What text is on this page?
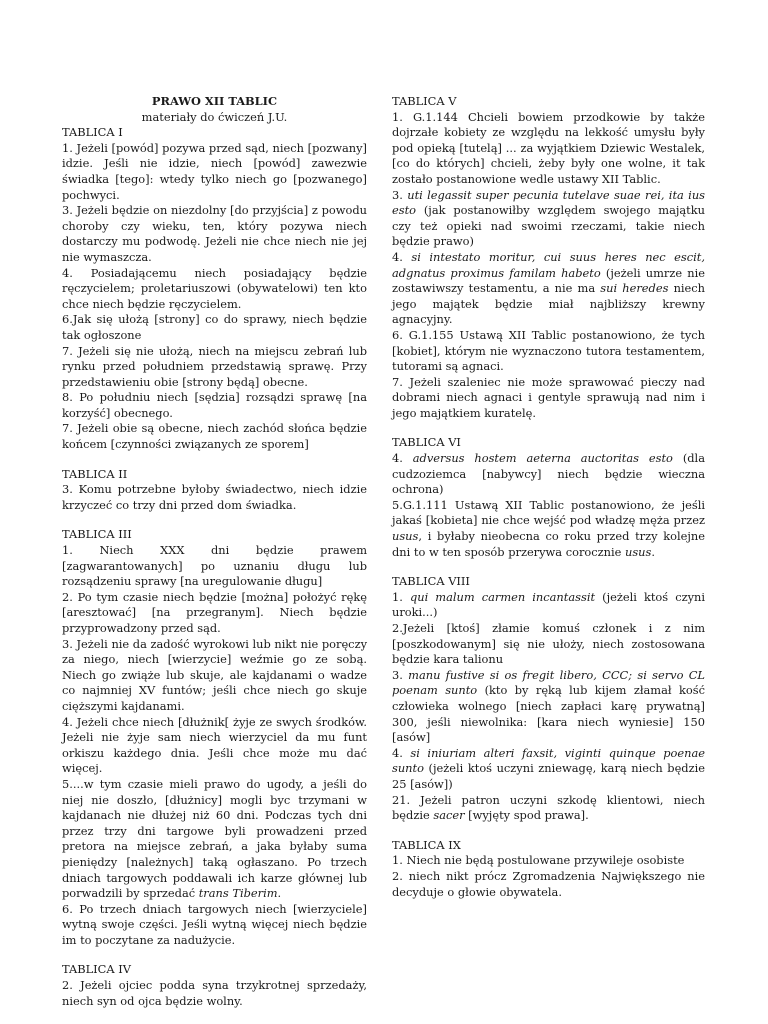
PRAWO XII TABLIC
materiały do ćwiczeń J.U.
TABLICA I

1. Jeżeli [powód] pozywa przed sąd, niech [pozwany] idzie. Jeśli nie idzie, niech [powód] zawezwie świadka [tego]: wtedy tylko niech go [pozwanego] pochwyci.

3. Jeżeli będzie on niezdolny [do przyjścia] z powodu choroby czy wieku, ten, który pozywa niech dostarczy mu podwodę. Jeżeli nie chce niech nie jej nie wymaszcza.

4. Posiadającemu niech posiadający będzie ręczycielem; proletariuszowi (obywatelowi) ten kto chce niech będzie ręczycielem.

6.Jak się ułożą [strony] co do sprawy, niech będzie tak ogłoszone

7. Jeżeli się nie ułożą, niech na miejscu zebrań lub rynku przed południem przedstawią sprawę. Przy przedstawieniu obie [strony będą] obecne.

8. Po południu niech [sędzia] rozsądzi sprawę [na korzyść] obecnego.

7. Jeżeli obie są obecne, niech zachód słońca będzie końcem [czynności związanych ze sporem]

TABLICA II

3. Komu potrzebne byłoby świadectwo, niech idzie krzyczeć co trzy dni przed dom świadka.

TABLICA III

1. Niech XXX dni będzie prawem [zagwarantowanych] po uznaniu długu lub rozsądzeniu sprawy [na uregulowanie długu]

2. Po tym czasie niech będzie [można] położyć rękę [aresztować] [na przegranym]. Niech będzie przyprowadzony przed sąd.

3. Jeżeli nie da zadość wyrokowi lub nikt nie poręczy za niego, niech [wierzycie] weźmie go ze sobą. Niech go zwiąże lub skuje, ale kajdanami o wadze co najmniej XV funtów; jeśli chce niech go skuje cięższymi kajdanami.

4. Jeżeli chce niech [dłużnik[ żyje ze swych środków. Jeżeli nie żyje sam niech wierzyciel da mu funt orkiszu każdego dnia. Jeśli chce może mu dać więcej.

5....w tym czasie mieli prawo do ugody, a jeśli do niej nie doszło, [dłużnicy] mogli byc trzymani w kajdanach nie dłużej niż 60 dni. Podczas tych dni przez trzy dni targowe byli prowadzeni przed pretora na miejsce zebrań, a jaka byłaby suma pieniędzy [należnych] taką ogłaszano. Po trzech dniach targowych poddawali ich karze głównej lub porwadzili by sprzedać trans Tiberim.

6. Po trzech dniach targowych niech [wierzyciele] wytną swoje części. Jeśli wytną więcej niech będzie im to poczytane za nadużycie.

TABLICA IV

2. Jeżeli ojciec podda syna trzykrotnej sprzedaży, niech syn od ojca będzie wolny.

TABLICA V

1. G.1.144 Chcieli bowiem przodkowie by także dojrzałe kobiety ze względu na lekkość umysłu były pod opieką [tutelą] ... za wyjątkiem Dziewic Westalek, [co do których] chcieli, żeby były one wolne, it tak zostało postanowione wedle ustawy XII Tablic.

3. uti legassit super pecunia tutelave suae rei, ita ius esto (jak postanowiłby względem swojego majątku czy też opieki nad swoimi rzeczami, takie niech będzie prawo)

4. si intestato moritur, cui suus heres nec escit, adgnatus proximus familam habeto (jeżeli umrze nie zostawiwszy testamentu, a nie ma sui heredes niech jego majątek będzie miał najbliższy krewny agnacyjny.

6. G.1.155 Ustawą XII Tablic postanowiono, że tych [kobiet], którym nie wyznaczono tutora testamentem, tutorami są agnaci.

7. Jeżeli szaleniec nie może sprawować pieczy nad dobrami niech agnaci i gentyle sprawują nad nim i jego majątkiem kuratelę.

TABLICA VI

4. adversus hostem aeterna auctoritas esto (dla cudzoziemca [nabywcy] niech będzie wieczna ochrona)

5.G.1.111 Ustawą XII Tablic postanowiono, że jeśli jakaś [kobieta] nie chce wejść pod władzę męża przez usus, i byłaby nieobecna co roku przed trzy kolejne dni to w ten sposób przerywa corocznie usus.

TABLICA VIII

1. qui malum carmen incantassit (jeżeli ktoś czyni uroki...)

2.Jeżeli [ktoś] złamie komuś członek i z nim [poszkodowanym] się nie ułoży, niech zostosowana będzie kara talionu

3. manu fustive si os fregit libero, CCC; si servo CL poenam sunto (kto by ręką lub kijem złamał kość człowieka wolnego [niech zapłaci karę prywatną] 300, jeśli niewolnika: [kara niech wyniesie] 150 [asów]

4. si iniuriam alteri faxsit, viginti quinque poenae sunto (jeżeli ktoś uczyni zniewagę, karą niech będzie 25 [asów])

21. Jeżeli patron uczyni szkodę klientowi, niech będzie sacer [wyjęty spod prawa].

TABLICA IX

1. Niech nie będą postulowane przywileje osobiste

2. niech nikt prócz Zgromadzenia Największego nie decyduje o głowie obywatela.
